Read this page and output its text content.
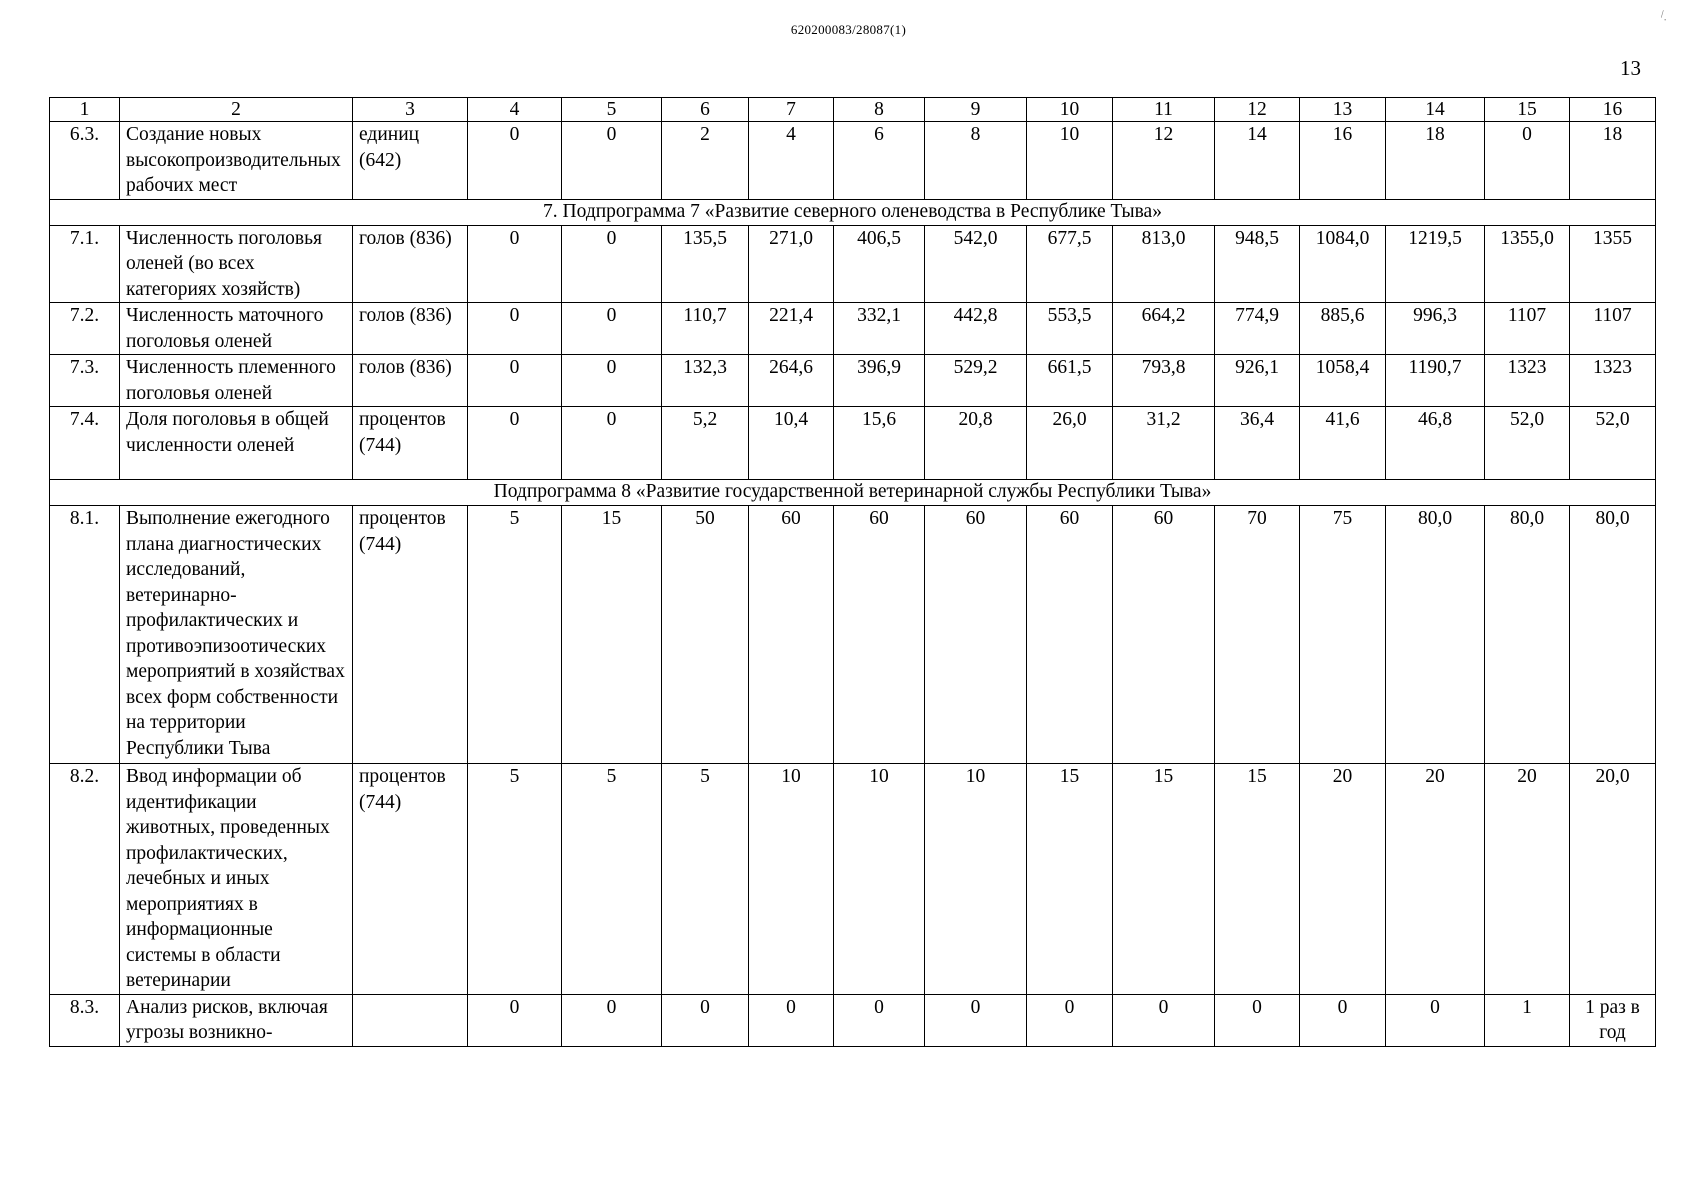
620200083/28087(1)
13
\ .
1	2	3	4	5	6	7	8	9	10	11	12	13	14	15	16
6.3.	Создание новых высокопроизводительных рабочих мест	единиц (642)	0	0	2	4	6	8	10	12	14	16	18	0	18
7. Подпрограмма 7 «Развитие северного оленеводства в Республике Тыва»															
7.1.	Численность поголовья оленей (во всех категориях хозяйств)	голов (836)	0	0	135,5	271,0	406,5	542,0	677,5	813,0	948,5	1084,0	1219,5	1355,0	1355
7.2.	Численность маточного поголовья оленей	голов (836)	0	0	110,7	221,4	332,1	442,8	553,5	664,2	774,9	885,6	996,3	1107	1107
7.3.	Численность племенного поголовья оленей	голов (836)	0	0	132,3	264,6	396,9	529,2	661,5	793,8	926,1	1058,4	1190,7	1323	1323
7.4.	Доля поголовья в общей численности оленей	процентов (744)	0	0	5,2	10,4	15,6	20,8	26,0	31,2	36,4	41,6	46,8	52,0	52,0
Подпрограмма 8 «Развитие государственной ветеринарной службы Республики Тыва»															
8.1.	Выполнение ежегодного плана диагностических исследований, ветеринарно-профилактических и противоэпизоотических мероприятий в хозяйствах всех форм собственности на территории Республики Тыва	процентов (744)	5	15	50	60	60	60	60	60	70	75	80,0	80,0	80,0
8.2.	Ввод информации об идентификации животных, проведенных профилактических, лечебных и иных мероприятиях в информационные системы в области ветеринарии	процентов (744)	5	5	5	10	10	10	15	15	15	20	20	20	20,0
8.3.	Анализ рисков, включая угрозы возникно-		0	0	0	0	0	0	0	0	0	0	0	1	1 раз в год
